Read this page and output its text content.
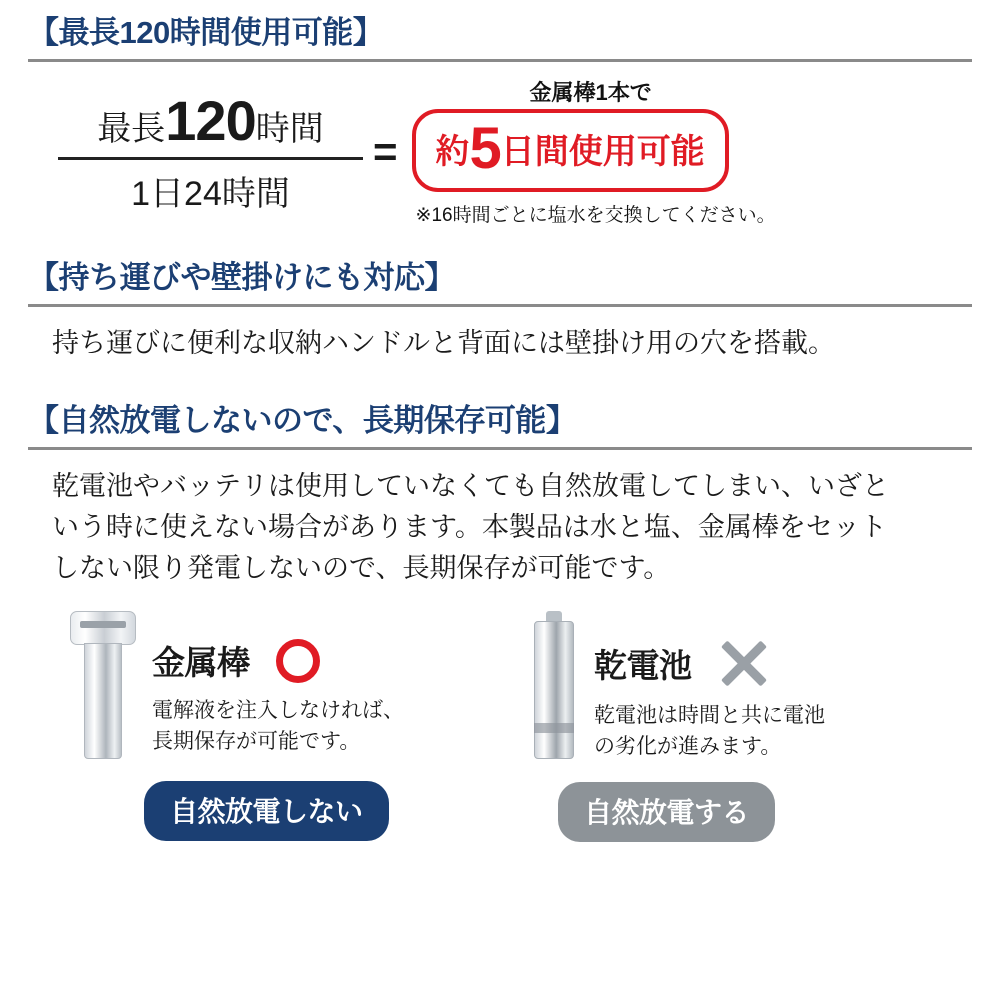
【最長120時間使用可能】
$\frac{\text{最長 120 時間}}{\text{1日24時間}}$ =
金属棒1本で
約 5 日間使用可能
※16時間ごとに塩水を交換してください。
【持ち運びや壁掛けにも対応】
持ち運びに便利な収納ハンドルと背面には壁掛け用の穴を搭載。
【自然放電しないので、長期保存可能】

乾電池やバッテリは使用していなくても自然放電してしまい、いざと

いう時に使えない場合があります。本製品は水と塩、金属棒をセット

しない限り発電しないので、長期保存が可能です。

金属棒
電解液を注入しなければ、
長期保存が可能です。
自然放電しない
乾電池
乾電池は時間と共に電池
の劣化が進みます。
自然放電する
